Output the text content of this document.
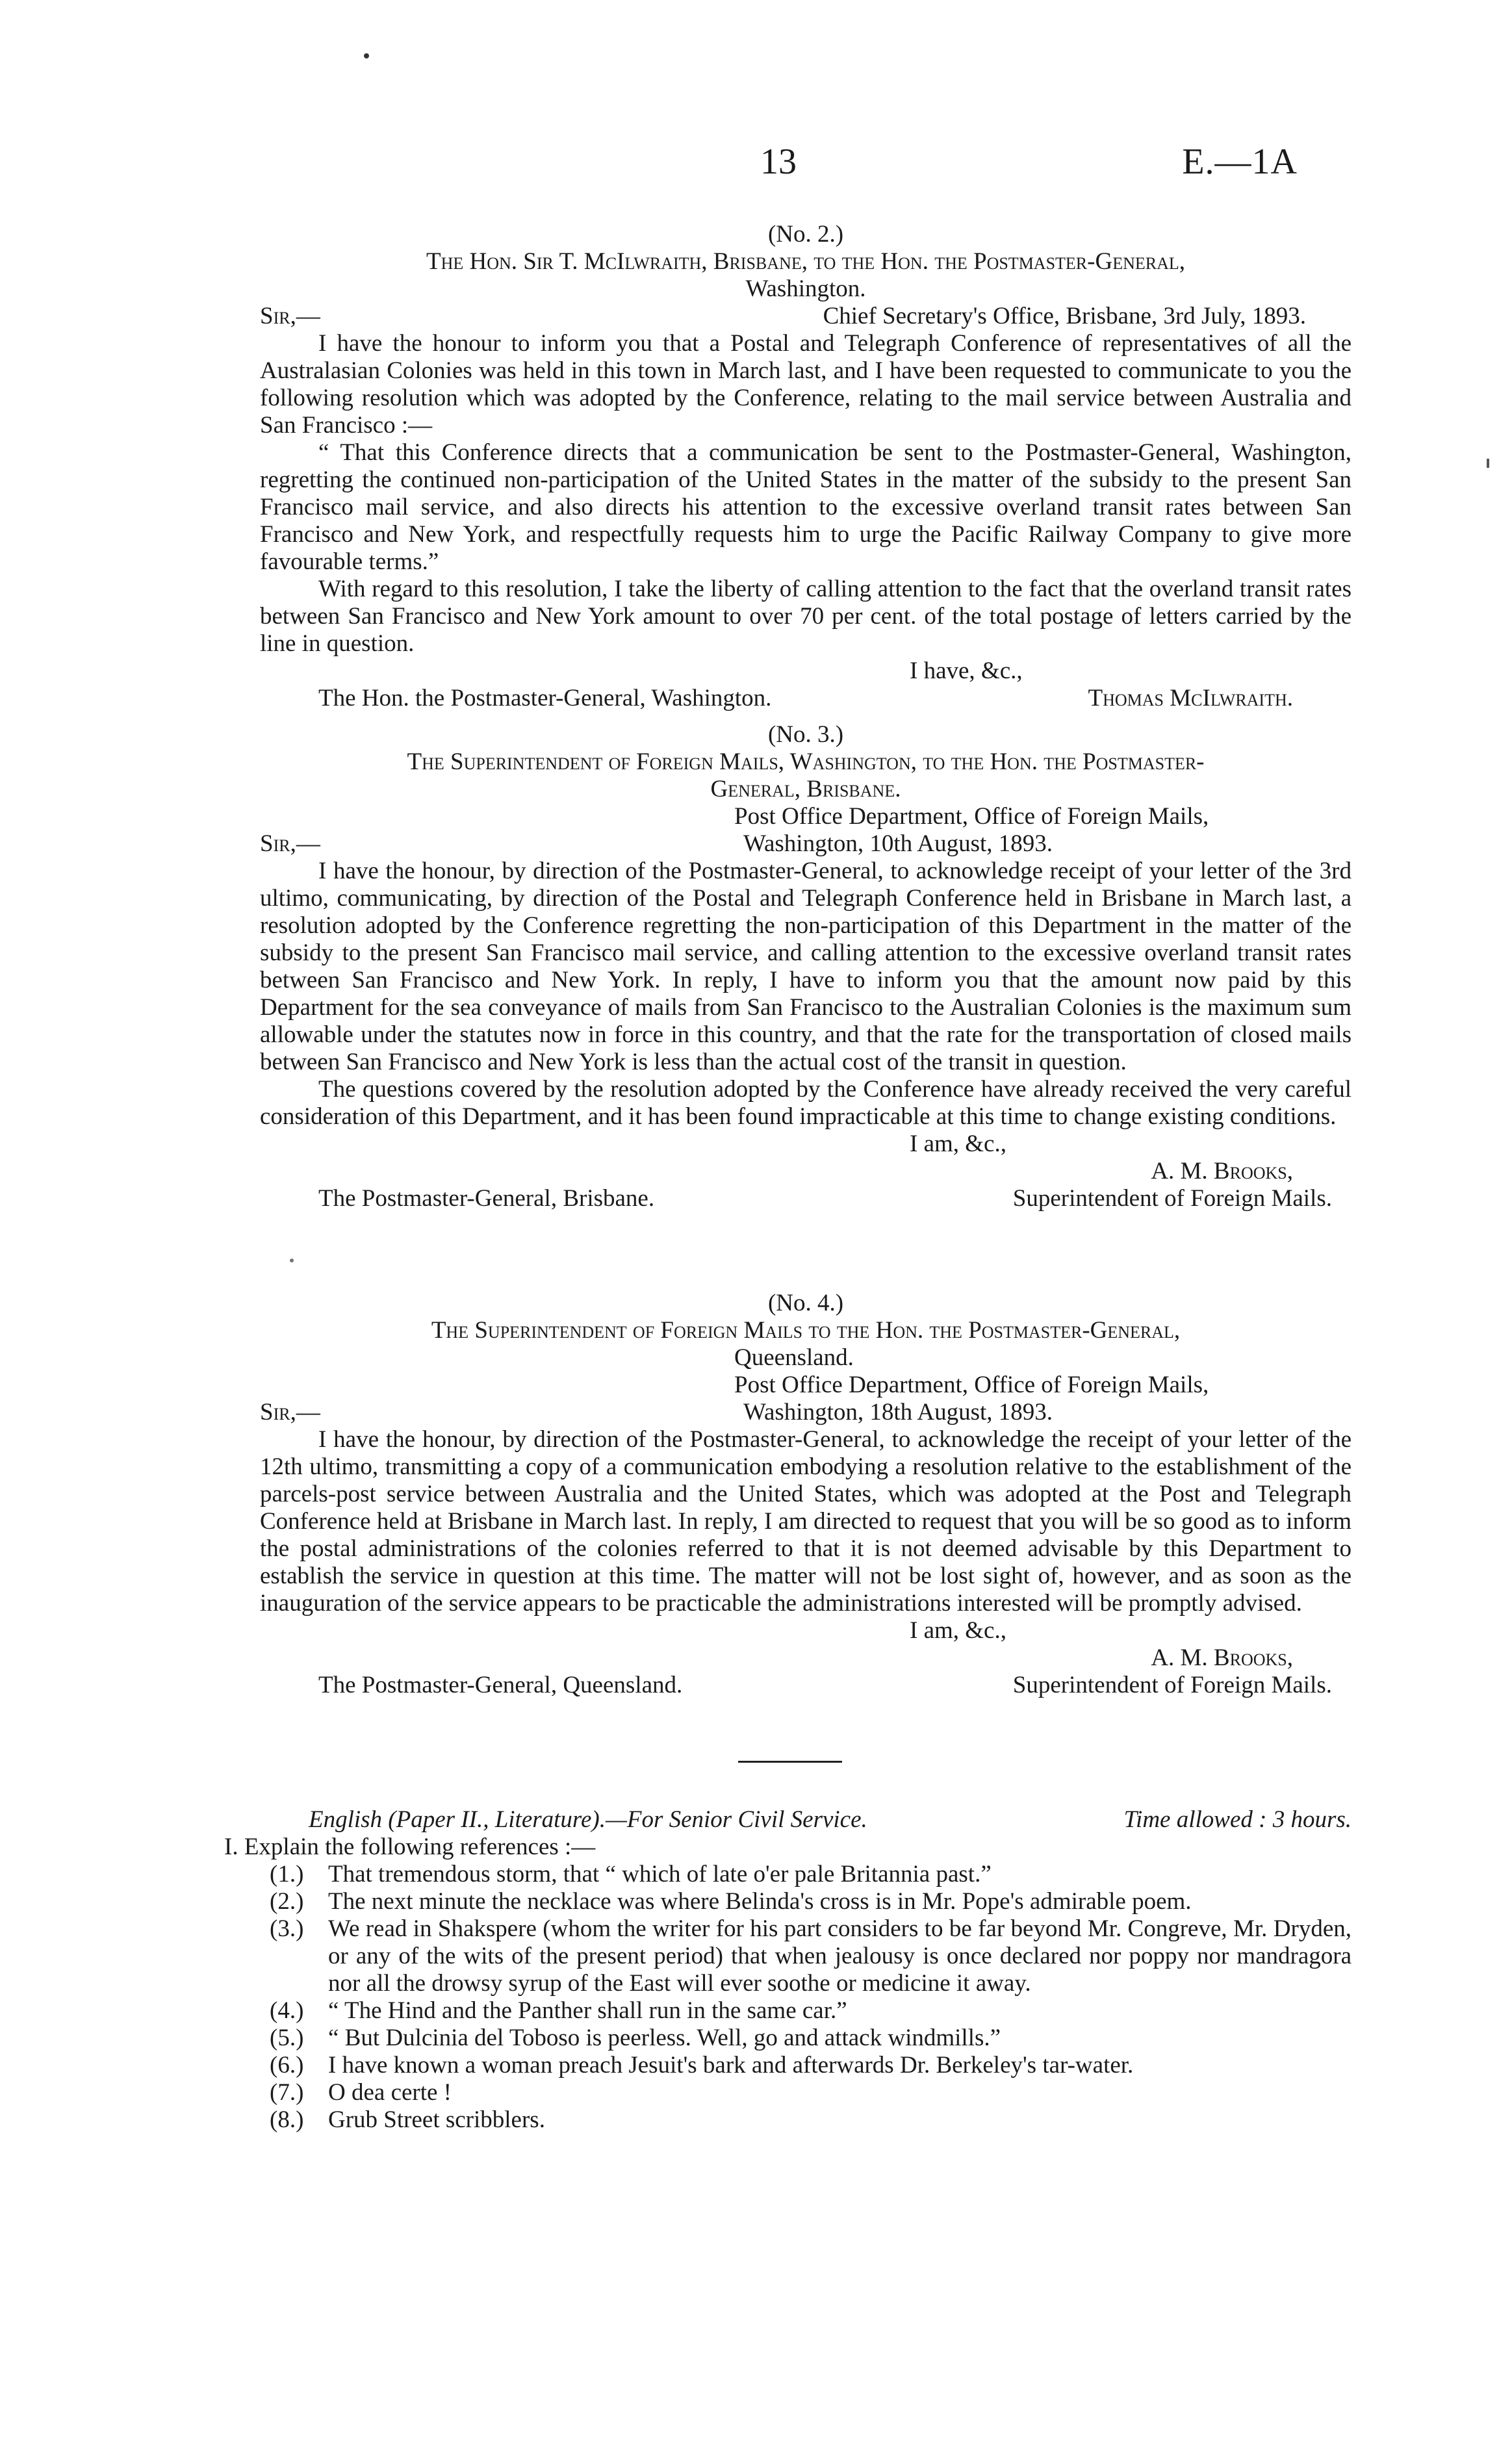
13	E.—1A

(No. 2.)

The Hon. Sir T. McIlwraith, Brisbane, to the Hon. the Postmaster-General,

Washington.

Sir,—	Chief Secretary's Office, Brisbane, 3rd July, 1893.

I have the honour to inform you that a Postal and Telegraph Conference of representatives of all the Australasian Colonies was held in this town in March last, and I have been requested to communicate to you the following resolution which was adopted by the Conference, relating to the mail service between Australia and San Francisco :—

“ That this Conference directs that a communication be sent to the Postmaster-General, Washington, regretting the continued non-participation of the United States in the matter of the subsidy to the present San Francisco mail service, and also directs his attention to the excessive overland transit rates between San Francisco and New York, and respectfully requests him to urge the Pacific Railway Company to give more favourable terms.”

With regard to this resolution, I take the liberty of calling attention to the fact that the overland transit rates between San Francisco and New York amount to over 70 per cent. of the total postage of letters carried by the line in question.

I have, &c.,

The Hon. the Postmaster-General, Washington.	Thomas McIlwraith.

(No. 3.)

The Superintendent of Foreign Mails, Washington, to the Hon. the Postmaster-

General, Brisbane.

Post Office Department, Office of Foreign Mails,

Sir,—	Washington, 10th August, 1893.

I have the honour, by direction of the Postmaster-General, to acknowledge receipt of your letter of the 3rd ultimo, communicating, by direction of the Postal and Telegraph Conference held in Brisbane in March last, a resolution adopted by the Conference regretting the non-participation of this Department in the matter of the subsidy to the present San Francisco mail service, and calling attention to the excessive overland transit rates between San Francisco and New York. In reply, I have to inform you that the amount now paid by this Department for the sea conveyance of mails from San Francisco to the Australian Colonies is the maximum sum allowable under the statutes now in force in this country, and that the rate for the transportation of closed mails between San Francisco and New York is less than the actual cost of the transit in question.

The questions covered by the resolution adopted by the Conference have already received the very careful consideration of this Department, and it has been found impracticable at this time to change existing conditions.

I am, &c.,

A. M. Brooks,

The Postmaster-General, Brisbane.	Superintendent of Foreign Mails.

(No. 4.)

The Superintendent of Foreign Mails to the Hon. the Postmaster-General,

Queensland.

Post Office Department, Office of Foreign Mails,

Sir,—	Washington, 18th August, 1893.

I have the honour, by direction of the Postmaster-General, to acknowledge the receipt of your letter of the 12th ultimo, transmitting a copy of a communication embodying a resolution relative to the establishment of the parcels-post service between Australia and the United States, which was adopted at the Post and Telegraph Conference held at Brisbane in March last. In reply, I am directed to request that you will be so good as to inform the postal administrations of the colonies referred to that it is not deemed advisable by this Department to establish the service in question at this time. The matter will not be lost sight of, however, and as soon as the inauguration of the service appears to be practicable the administrations interested will be promptly advised.

I am, &c.,

A. M. Brooks,

The Postmaster-General, Queensland.	Superintendent of Foreign Mails.
English (Paper II., Literature).—For Senior Civil Service.	Time allowed : 3 hours.

I. Explain the following references :—

(1.)	That tremendous storm, that “ which of late o'er pale Britannia past.”
(2.)	The next minute the necklace was where Belinda's cross is in Mr. Pope's admirable poem.
(3.)	We read in Shakspere (whom the writer for his part considers to be far beyond Mr. Congreve, Mr. Dryden, or any of the wits of the present period) that when jealousy is once declared nor poppy nor mandragora nor all the drowsy syrup of the East will ever soothe or medicine it away.
(4.)	“ The Hind and the Panther shall run in the same car.”
(5.)	“ But Dulcinia del Toboso is peerless. Well, go and attack windmills.”
(6.)	I have known a woman preach Jesuit's bark and afterwards Dr. Berkeley's tar-water.
(7.)	O dea certe !
(8.)	Grub Street scribblers.
